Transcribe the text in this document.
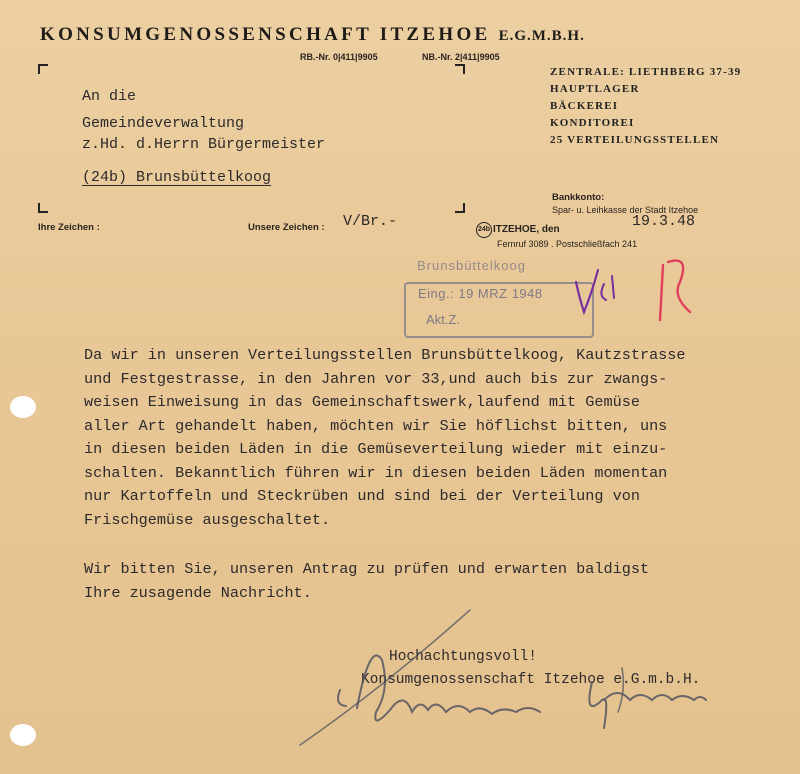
KONSUMGENOSSENSCHAFT ITZEHOE E.G.M.B.H.
RB.-Nr. 0|411|9905	NB.-Nr. 2|411|9905
ZENTRALE: LIETHBERG 37-39
HAUPTLAGER
BÄCKEREI
KONDITOREI
25 VERTEILUNGSSTELLEN
Bankkonto:
Spar- u. Leihkasse der Stadt Itzehoe
An die
Gemeindeverwaltung
z.Hd. d.Herrn Bürgermeister
(24b) Brunsbüttelkoog
Ihre Zeichen :	Unsere Zeichen : V/Br.-	24b ITZEHOE, den	19.3.48
Fernruf 3089 . Postschließfach 241
Brunsbüttelkoog
Eing.: 19 MRZ 1948
Akt.Z.
Da wir in unseren Verteilungsstellen Brunsbüttelkoog, Kautzstrasse
und Festgestrasse, in den Jahren vor 33,und auch bis zur zwangs-
weisen Einweisung in das Gemeinschaftswerk,laufend mit Gemüse
aller Art gehandelt haben, möchten wir Sie höflichst bitten, uns
in diesen beiden Läden in die Gemüseverteilung wieder mit einzu-
schalten. Bekanntlich führen wir in diesen beiden Läden momentan
nur Kartoffeln und Steckrüben und sind bei der Verteilung von
Frischgemüse ausgeschaltet.
Wir bitten Sie, unseren Antrag zu prüfen und erwarten baldigst
Ihre zusagende Nachricht.
Hochachtungsvoll!
Konsumgenossenschaft Itzehoe e.G.m.b.H.
